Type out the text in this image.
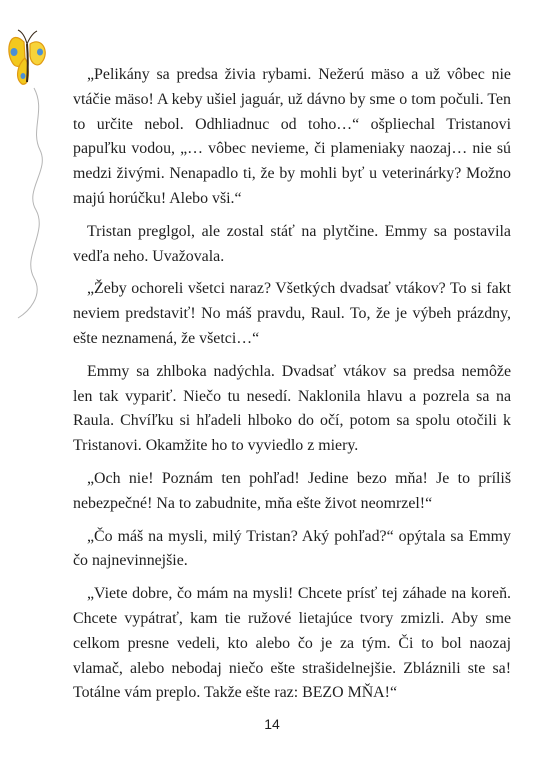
„Pelikány sa predsa živia rybami. Nežerú mäso a už vôbec nie vtáčie mäso! A keby ušiel jaguár, už dávno by sme o tom počuli. Ten to určite nebol. Odhliadnuc od toho…“ ošpliechal Tristanovi papuľku vodou, „… vôbec nevieme, či plameniaky naozaj… nie sú medzi živými. Nenapadlo ti, že by mohli byť u veterinárky? Možno majú horúčku! Alebo vši.“

Tristan preglgol, ale zostal stáť na plytčine. Emmy sa postavila vedľa neho. Uvažovala.

„Žeby ochoreli všetci naraz? Všetkých dvadsať vtákov? To si fakt neviem predstaviť! No máš pravdu, Raul. To, že je výbeh prázdny, ešte neznamená, že všetci…“

Emmy sa zhlboka nadýchla. Dvadsať vtákov sa predsa nemôže len tak vypariť. Niečo tu nesedí. Naklonila hlavu a pozrela sa na Raula. Chvíľku si hľadeli hlboko do očí, potom sa spolu otočili k Tristanovi. Okamžite ho to vyviedlo z miery.

„Och nie! Poznám ten pohľad! Jedine bezo mňa! Je to príliš nebezpečné! Na to zabudnite, mňa ešte život neomrzel!“

„Čo máš na mysli, milý Tristan? Aký pohľad?“ opýtala sa Emmy čo najnevinnejšie.

„Viete dobre, čo mám na mysli! Chcete prísť tej záhade na koreň. Chcete vypátrať, kam tie ružové lietajúce tvory zmizli. Aby sme celkom presne vedeli, kto alebo čo je za tým. Či to bol naozaj vlamač, alebo nebodaj niečo ešte strašidelnejšie. Zbláznili ste sa! Totálne vám preplo. Takže ešte raz: BEZO MŇA!“

14
